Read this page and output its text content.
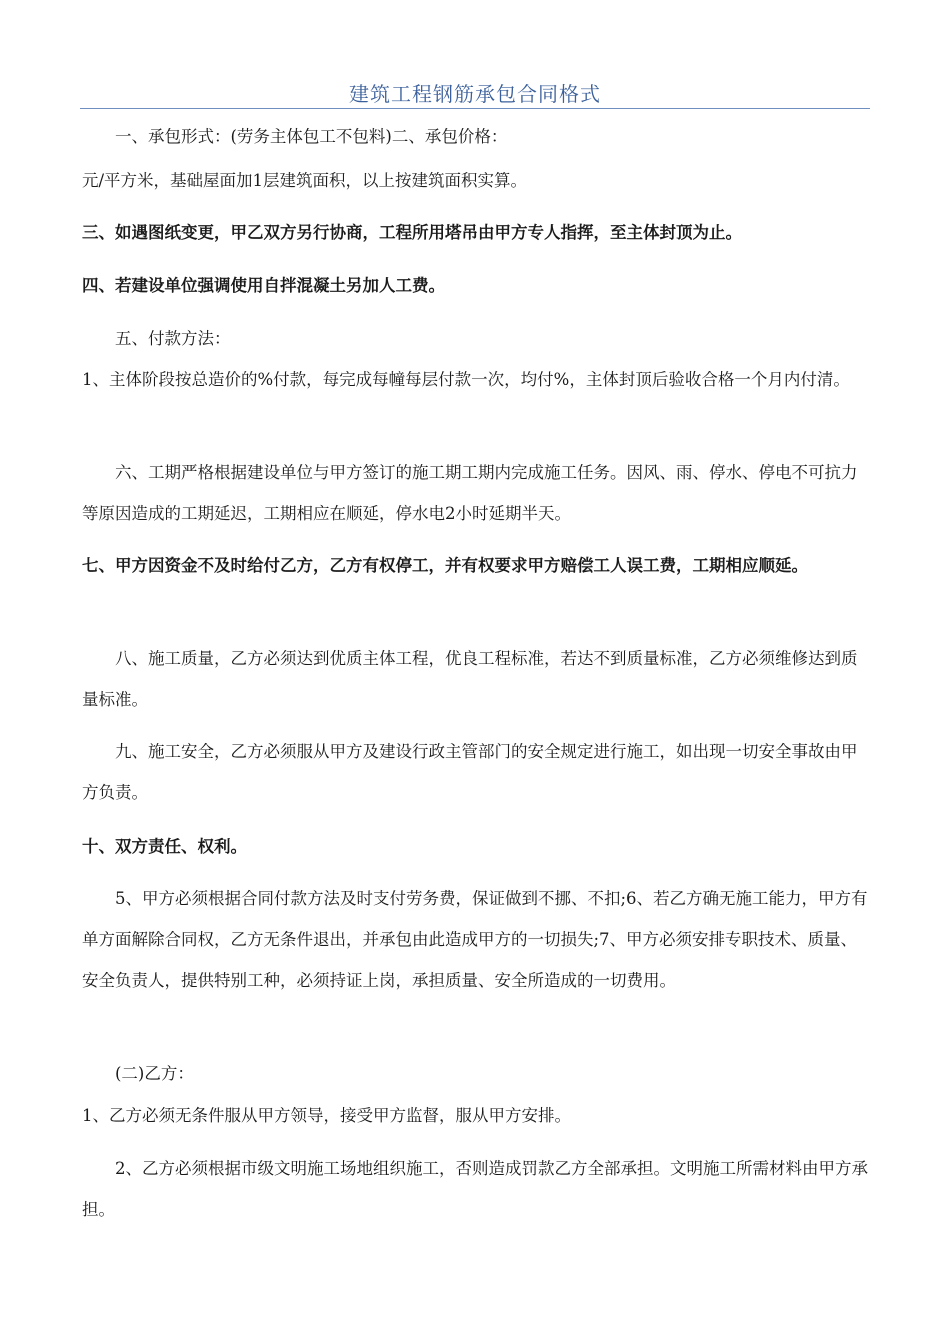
建筑工程钢筋承包合同格式

一、承包形式：(劳务主体包工不包料)二、承包价格：

元/平方米，基础屋面加1层建筑面积，以上按建筑面积实算。

三、如遇图纸变更，甲乙双方另行协商，工程所用塔吊由甲方专人指挥，至主体封顶为止。

四、若建设单位强调使用自拌混凝土另加人工费。

五、付款方法：

1、主体阶段按总造价的%付款，每完成每幢每层付款一次，均付%，主体封顶后验收合格一个月内付清。

六、工期严格根据建设单位与甲方签订的施工期工期内完成施工任务。因风、雨、停水、停电不可抗力等原因造成的工期延迟，工期相应在顺延，停水电2小时延期半天。

七、甲方因资金不及时给付乙方，乙方有权停工，并有权要求甲方赔偿工人误工费，工期相应顺延。

八、施工质量，乙方必须达到优质主体工程，优良工程标准，若达不到质量标准，乙方必须维修达到质量标准。

九、施工安全，乙方必须服从甲方及建设行政主管部门的安全规定进行施工，如出现一切安全事故由甲方负责。

十、双方责任、权利。

5、甲方必须根据合同付款方法及时支付劳务费，保证做到不挪、不扣;6、若乙方确无施工能力，甲方有单方面解除合同权，乙方无条件退出，并承包由此造成甲方的一切损失;7、甲方必须安排专职技术、质量、安全负责人，提供特别工种，必须持证上岗，承担质量、安全所造成的一切费用。

(二)乙方：

1、乙方必须无条件服从甲方领导，接受甲方监督，服从甲方安排。

2、乙方必须根据市级文明施工场地组织施工，否则造成罚款乙方全部承担。文明施工所需材料由甲方承担。
